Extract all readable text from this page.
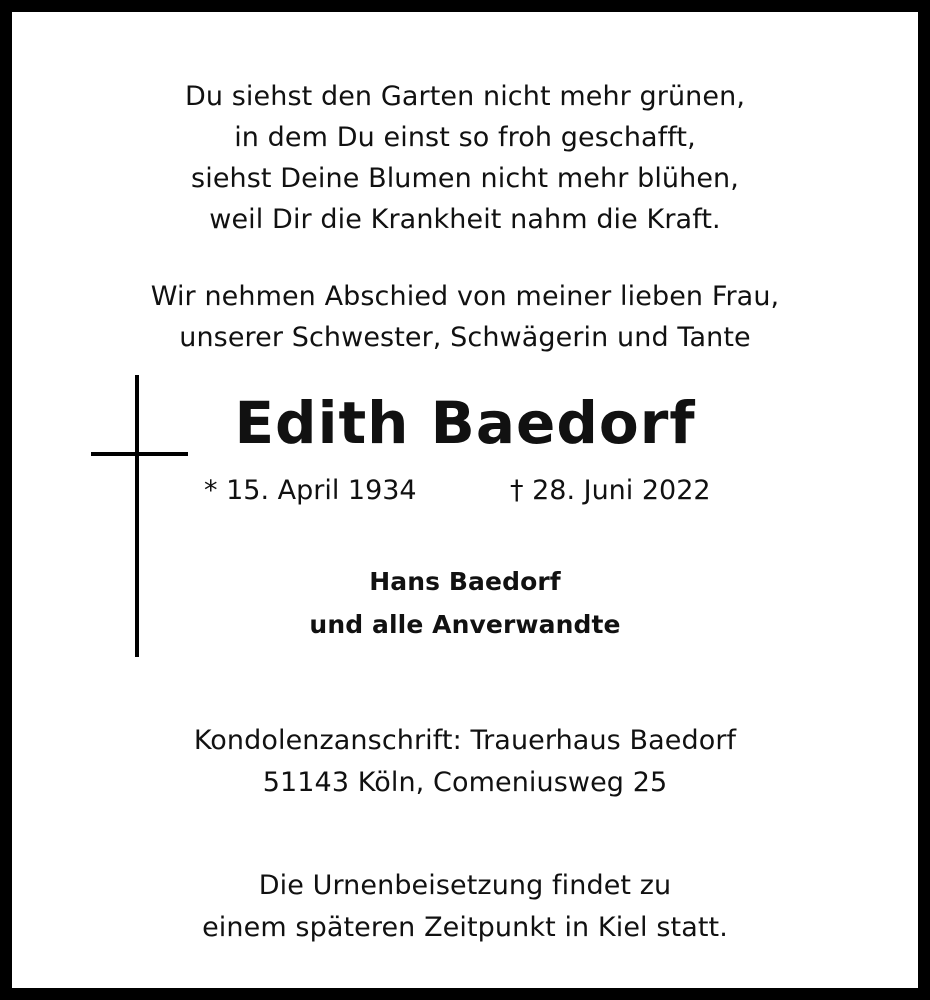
Du siehst den Garten nicht mehr grünen,
in dem Du einst so froh geschafft,
siehst Deine Blumen nicht mehr blühen,
weil Dir die Krankheit nahm die Kraft.
Wir nehmen Abschied von meiner lieben Frau,
unserer Schwester, Schwägerin und Tante
Edith Baedorf
* 15. April 1934	† 28. Juni 2022
Hans Baedorf
und alle Anverwandte
Kondolenzanschrift: Trauerhaus Baedorf
51143 Köln, Comeniusweg 25
Die Urnenbeisetzung findet zu
einem späteren Zeitpunkt in Kiel statt.
